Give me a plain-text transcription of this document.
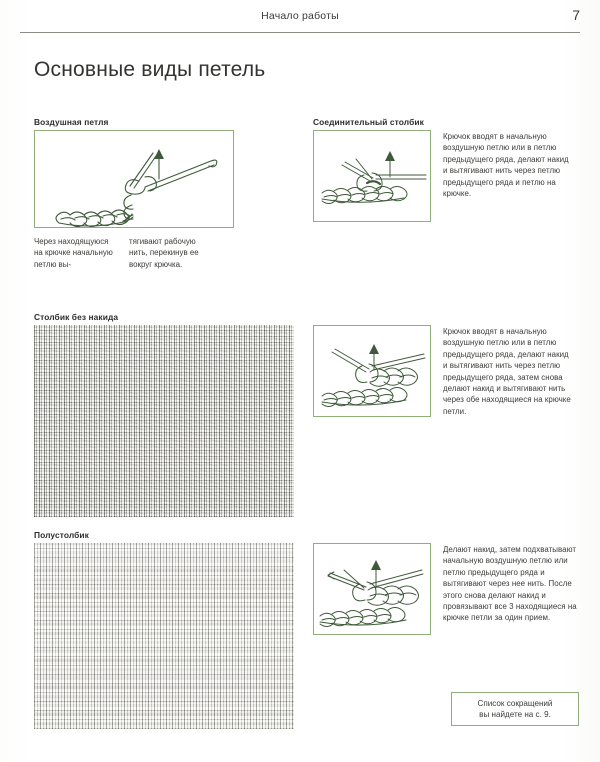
Начало работы	7
Основные виды петель
Воздушная петля
Через находящуюся на крючке начальную петлю вы-
тягивают рабочую нить, перекинув ее вокруг крючка.
Соединительный столбик
Крючок вводят в начальную воздушную петлю или в петлю предыдущего ряда, делают накид и вытягивают нить через петлю предыдущего ряда и петлю на крючке.
Столбик без накида
Крючок вводят в начальную воздушную петлю или в петлю предыдущего ряда, делают накид и вытягивают нить через петлю предыдущего ряда, затем снова делают накид и вытягивают нить через обе находящиеся на крючке петли.
Полустолбик
Делают накид, затем подхватывают начальную воздушную петлю или петлю предыдущего ряда и вытягивают через нее нить. После этого снова делают накид и провязывают все 3 находящиеся на крючке петли за один прием.
Список сокращений
вы найдете на с. 9.
